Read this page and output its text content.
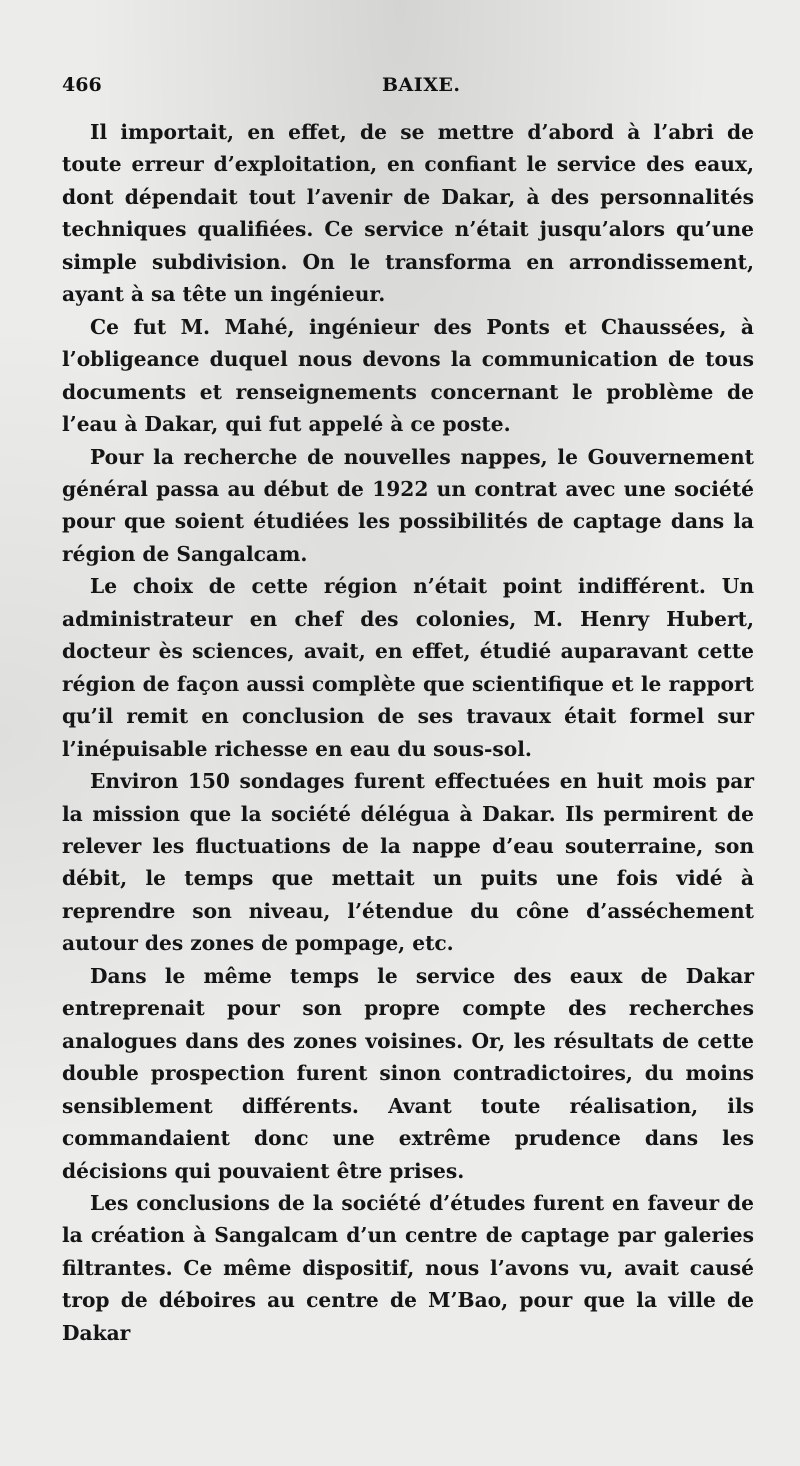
466	BAIXE.

Il importait, en effet, de se mettre d’abord à l’abri de toute erreur d’exploitation, en confiant le service des eaux, dont dépendait tout l’avenir de Dakar, à des personnalités techniques qualifiées. Ce service n’était jusqu’alors qu’une simple subdivision. On le transforma en arrondissement, ayant à sa tête un ingénieur.

Ce fut M. Mahé, ingénieur des Ponts et Chaussées, à l’obligeance duquel nous devons la communication de tous documents et renseignements concernant le problème de l’eau à Dakar, qui fut appelé à ce poste.

Pour la recherche de nouvelles nappes, le Gouvernement général passa au début de 1922 un contrat avec une société pour que soient étudiées les possibilités de captage dans la région de Sangalcam.

Le choix de cette région n’était point indifférent. Un administrateur en chef des colonies, M. Henry Hubert, docteur ès sciences, avait, en effet, étudié auparavant cette région de façon aussi complète que scientifique et le rapport qu’il remit en conclusion de ses travaux était formel sur l’inépuisable richesse en eau du sous-sol.

Environ 150 sondages furent effectuées en huit mois par la mission que la société délégua à Dakar. Ils permirent de relever les fluctuations de la nappe d’eau souterraine, son débit, le temps que mettait un puits une fois vidé à reprendre son niveau, l’étendue du cône d’asséchement autour des zones de pompage, etc.

Dans le même temps le service des eaux de Dakar entreprenait pour son propre compte des recherches analogues dans des zones voisines. Or, les résultats de cette double prospection furent sinon contradictoires, du moins sensiblement différents. Avant toute réalisation, ils commandaient donc une extrême prudence dans les décisions qui pouvaient être prises.

Les conclusions de la société d’études furent en faveur de la création à Sangalcam d’un centre de captage par galeries filtrantes. Ce même dispositif, nous l’avons vu, avait causé trop de déboires au centre de M’Bao, pour que la ville de Dakar
